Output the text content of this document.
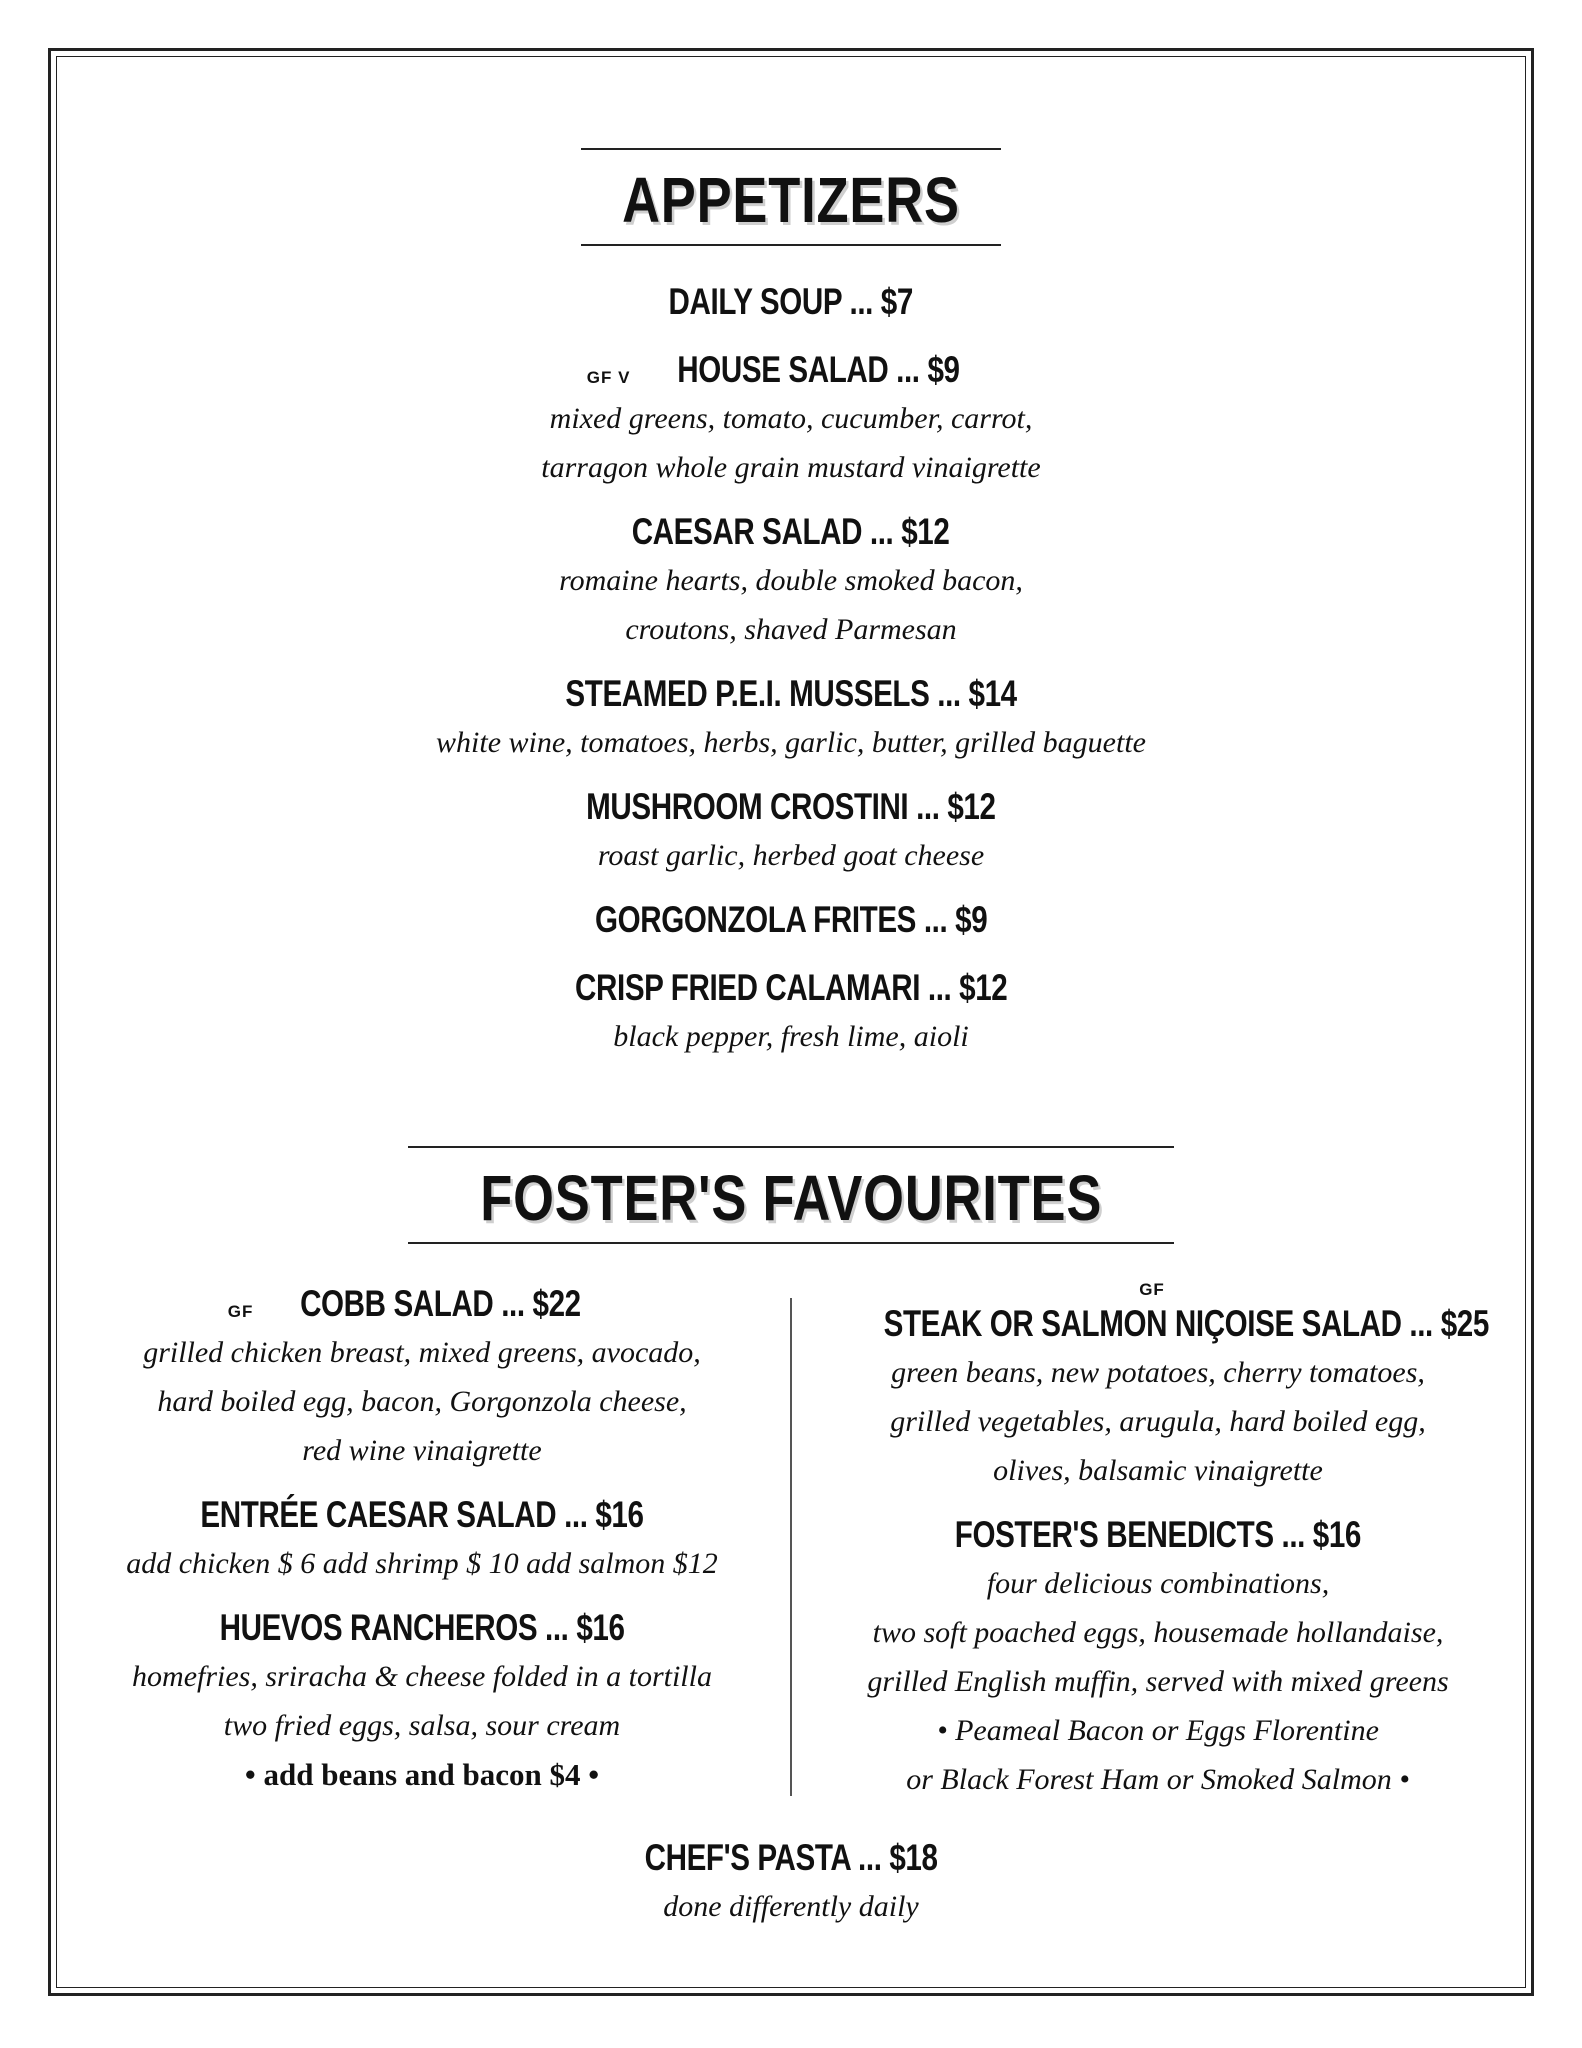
APPETIZERS
DAILY SOUP ... $7
GF V HOUSE SALAD ... $9
mixed greens, tomato, cucumber, carrot,
tarragon whole grain mustard vinaigrette
CAESAR SALAD ... $12
romaine hearts, double smoked bacon,
croutons, shaved Parmesan
STEAMED P.E.I. MUSSELS ... $14
white wine, tomatoes, herbs, garlic, butter, grilled baguette
MUSHROOM CROSTINI ... $12
roast garlic, herbed goat cheese
GORGONZOLA FRITES ... $9
CRISP FRIED CALAMARI ... $12
black pepper, fresh lime, aioli
FOSTER'S FAVOURITES
GF COBB SALAD ... $22
grilled chicken breast, mixed greens, avocado,
hard boiled egg, bacon, Gorgonzola cheese,
red wine vinaigrette
ENTRÉE CAESAR SALAD ... $16
add chicken $ 6 add shrimp $ 10 add salmon $12
HUEVOS RANCHEROS ... $16
homefries, sriracha & cheese folded in a tortilla
two fried eggs, salsa, sour cream
• add beans and bacon $4 •
GFSTEAK OR SALMON NIÇOISE SALAD ... $25
green beans, new potatoes, cherry tomatoes,
grilled vegetables, arugula, hard boiled egg,
olives, balsamic vinaigrette
FOSTER'S BENEDICTS ... $16
four delicious combinations,
two soft poached eggs, housemade hollandaise,
grilled English muffin, served with mixed greens
• Peameal Bacon or Eggs Florentine
or Black Forest Ham or Smoked Salmon •
CHEF'S PASTA ... $18
done differently daily
